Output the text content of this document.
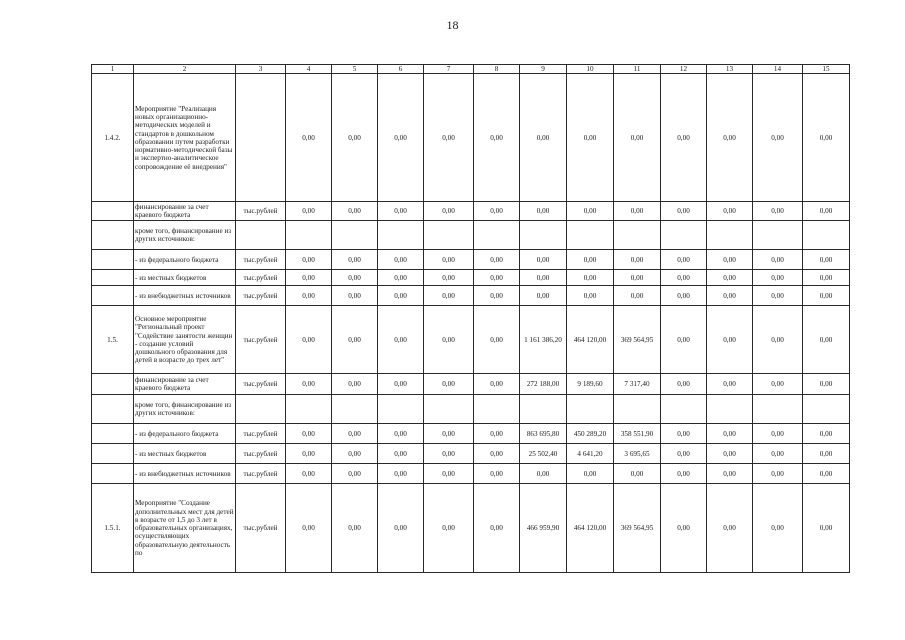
18
1	2	3	4	5	6	7	8	9	10	11	12	13	14	15
1.4.2.	Мероприятие "Реализация новых организационно-методических моделей и стандартов в дошкольном образовании путем разработки нормативно-методической базы и экспертно-аналитическое сопровождение её внедрения"		0,00	0,00	0,00	0,00	0,00	0,00	0,00	0,00	0,00	0,00	0,00	0,00
	финансирование за счет краевого бюджета	тыс.рублей	0,00	0,00	0,00	0,00	0,00	0,00	0,00	0,00	0,00	0,00	0,00	0,00
	кроме того, финансирование из других источников:													
	- из федерального бюджета	тыс.рублей	0,00	0,00	0,00	0,00	0,00	0,00	0,00	0,00	0,00	0,00	0,00	0,00
	- из местных бюджетов	тыс.рублей	0,00	0,00	0,00	0,00	0,00	0,00	0,00	0,00	0,00	0,00	0,00	0,00
	- из внебюджетных источников	тыс.рублей	0,00	0,00	0,00	0,00	0,00	0,00	0,00	0,00	0,00	0,00	0,00	0,00
1.5.	Основное мероприятие "Региональный проект "Содействие занятости женщин - создание условий дошкольного образования для детей в возрасте до трех лет"	тыс.рублей	0,00	0,00	0,00	0,00	0,00	1 161 386,20	464 120,00	369 564,95	0,00	0,00	0,00	0,00
	финансирование за счет краевого бюджета	тыс.рублей	0,00	0,00	0,00	0,00	0,00	272 188,00	9 189,60	7 317,40	0,00	0,00	0,00	0,00
	кроме того, финансирование из других источников:													
	- из федерального бюджета	тыс.рублей	0,00	0,00	0,00	0,00	0,00	863 695,80	450 289,20	358 551,90	0,00	0,00	0,00	0,00
	- из местных бюджетов	тыс.рублей	0,00	0,00	0,00	0,00	0,00	25 502,40	4 641,20	3 695,65	0,00	0,00	0,00	0,00
	- из внебюджетных источников	тыс.рублей	0,00	0,00	0,00	0,00	0,00	0,00	0,00	0,00	0,00	0,00	0,00	0,00
1.5.1.	Мероприятие "Создание дополнительных мест для детей в возрасте от 1,5 до 3 лет в образовательных организациях, осуществляющих образовательную деятельность по	тыс.рублей	0,00	0,00	0,00	0,00	0,00	466 959,90	464 120,00	369 564,95	0,00	0,00	0,00	0,00
